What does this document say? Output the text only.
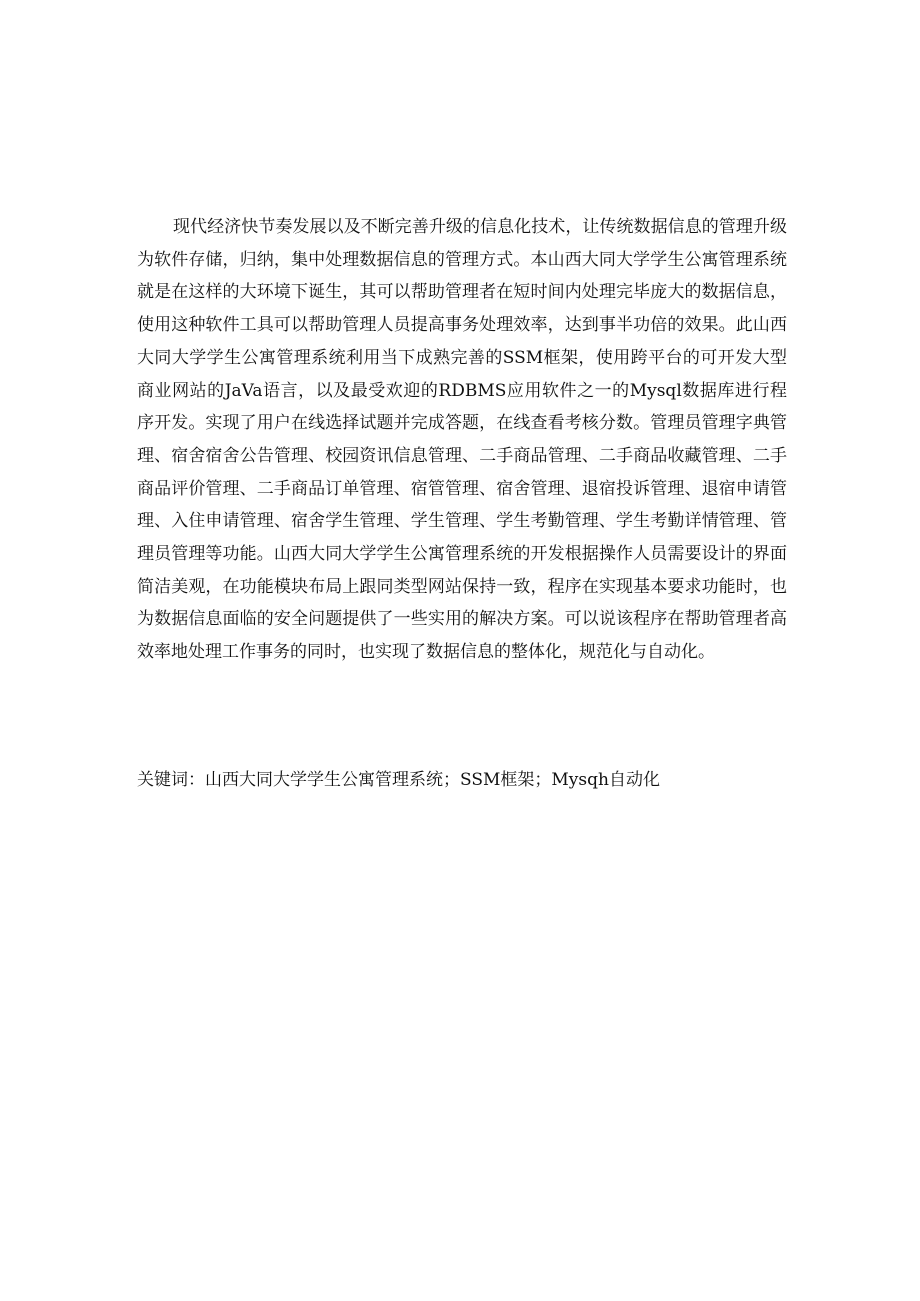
现代经济快节奏发展以及不断完善升级的信息化技术，让传统数据信息的管理升级为软件存储，归纳，集中处理数据信息的管理方式。本山西大同大学学生公寓管理系统就是在这样的大环境下诞生，其可以帮助管理者在短时间内处理完毕庞大的数据信息，使用这种软件工具可以帮助管理人员提高事务处理效率，达到事半功倍的效果。此山西大同大学学生公寓管理系统利用当下成熟完善的SSM框架，使用跨平台的可开发大型商业网站的JaVa语言，以及最受欢迎的RDBMS应用软件之一的Mysql数据库进行程序开发。实现了用户在线选择试题并完成答题，在线查看考核分数。管理员管理字典管理、宿舍宿舍公告管理、校园资讯信息管理、二手商品管理、二手商品收藏管理、二手商品评价管理、二手商品订单管理、宿管管理、宿舍管理、退宿投诉管理、退宿申请管理、入住申请管理、宿舍学生管理、学生管理、学生考勤管理、学生考勤详情管理、管理员管理等功能。山西大同大学学生公寓管理系统的开发根据操作人员需要设计的界面简洁美观，在功能模块布局上跟同类型网站保持一致，程序在实现基本要求功能时，也为数据信息面临的安全问题提供了一些实用的解决方案。可以说该程序在帮助管理者高效率地处理工作事务的同时，也实现了数据信息的整体化，规范化与自动化。

关键词：山西大同大学学生公寓管理系统；SSM框架；Mysqh自动化
